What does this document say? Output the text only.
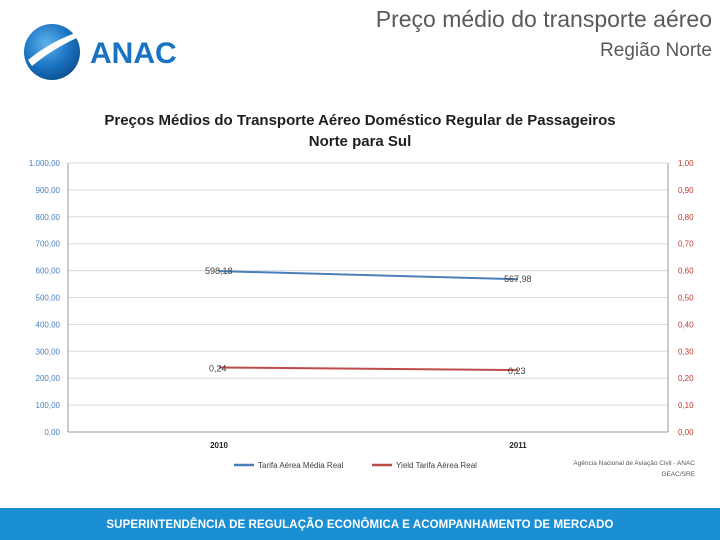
ANAC
Preço médio do transporte aéreo
Região Norte
Preços Médios do Transporte Aéreo Doméstico Regular de Passageiros
Norte para Sul
0,00	0,00
100,00	0,10
200,00	0,20
300,00	0,30
400,00	0,40
500,00	0,50
600,00	0,60
700,00	0,70
800,00	0,80
900,00	0,90
1.000,00	1,00
2010	2011
598,18
567,98
0,24	0,23
Tarifa Aérea Média Real	Yield Tarifa Aérea Real	Agência Nacional de Aviação Civil - ANAC
GEAC/SRE
SUPERINTENDÊNCIA DE REGULAÇÃO ECONÔMICA E ACOMPANHAMENTO DE MERCADO
